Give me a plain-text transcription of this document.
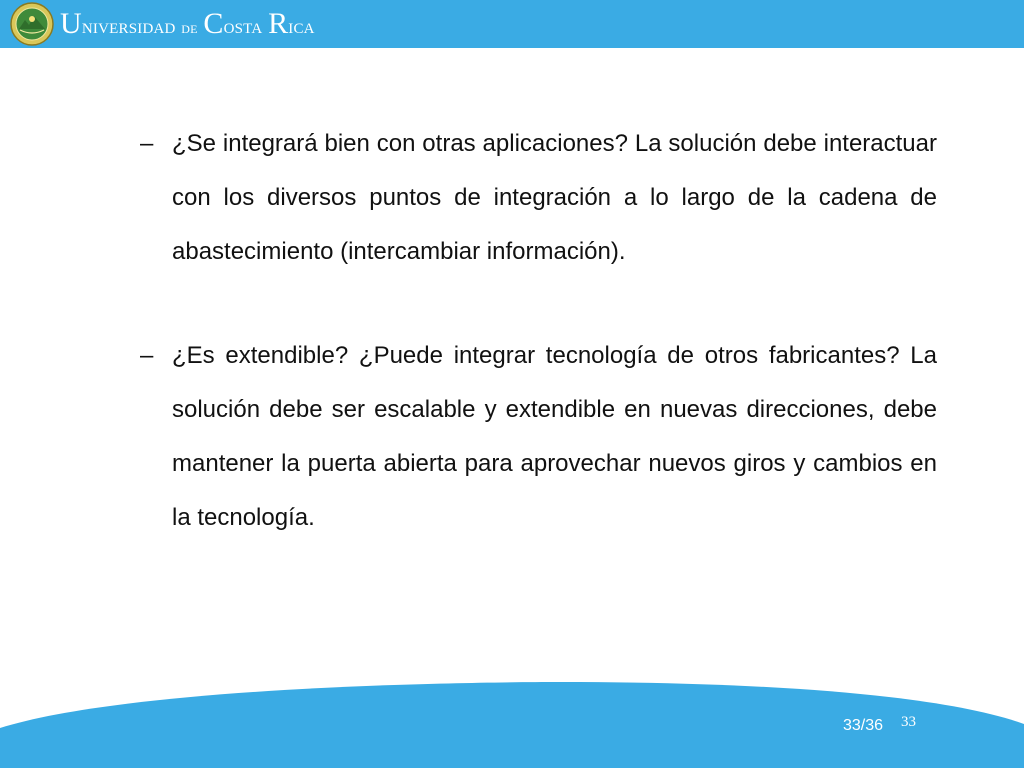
Universidad de Costa Rica

– ¿Se integrará bien con otras aplicaciones? La solución debe interactuar con los diversos puntos de integración a lo largo de la cadena de abastecimiento (intercambiar información).

– ¿Es extendible? ¿Puede integrar tecnología de otros fabricantes? La solución debe ser escalable y extendible en nuevas direcciones, debe mantener la puerta abierta para aprovechar nuevos giros y cambios en la tecnología.

33/36 33
